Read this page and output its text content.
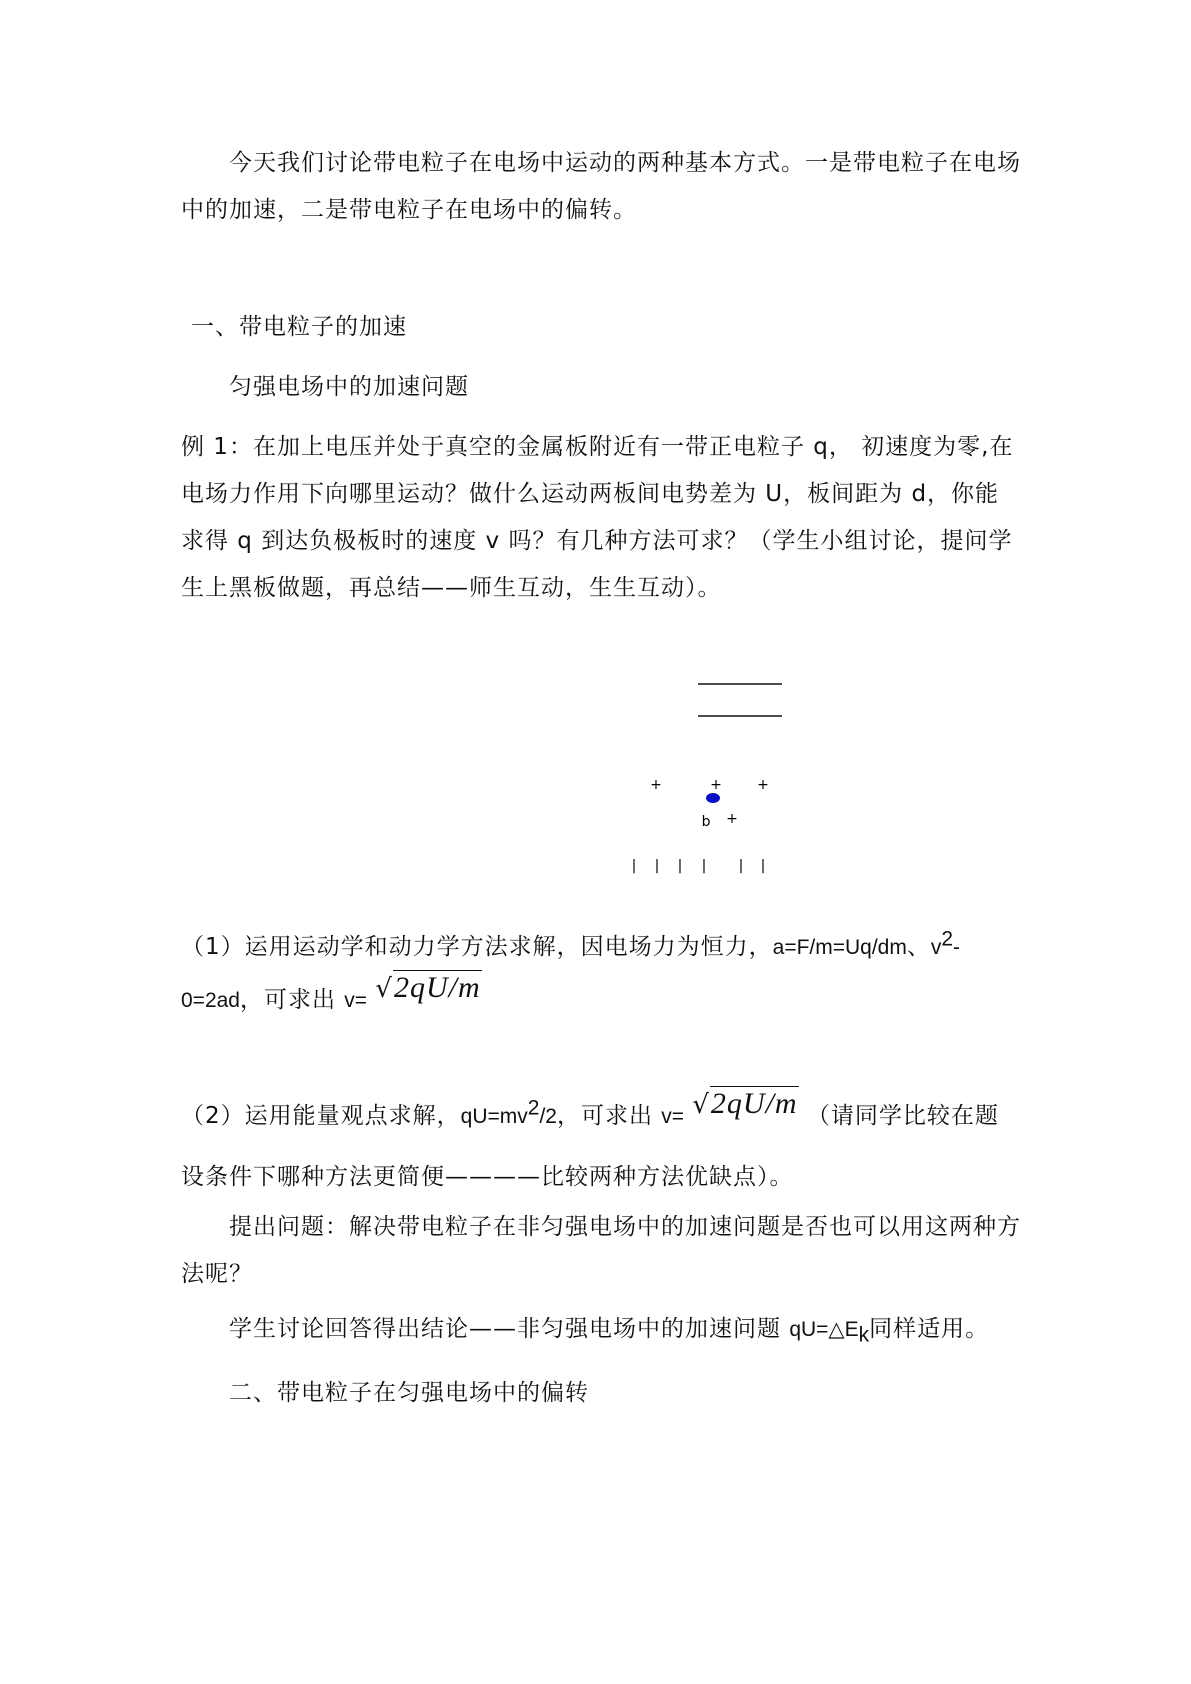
今天我们讨论带电粒子在电场中运动的两种基本方式。一是带电粒子在电场中的加速，二是带电粒子在电场中的偏转。

一、带电粒子的加速

匀强电场中的加速问题

例 1：在加上电压并处于真空的金属板附近有一带正电粒子 q， 初速度为零,在电场力作用下向哪里运动？做什么运动两板间电势差为 U，板间距为 d，你能求得 q 到达负极板时的速度 v 吗？有几种方法可求？（学生小组讨论，提问学生上黑板做题，再总结——师生互动，生生互动）。

+	+	+
+
q
| | | | | |

（1）运用运动学和动力学方法求解，因电场力为恒力，a=F/m=Uq/dm、$v^2-0=2ad$，可求出 v= √2qU/m

（2）运用能量观点求解，$qU=mv^2/2$，可求出 v= √2qU/m （请同学比较在题设条件下哪种方法更简便————比较两种方法优缺点）。

提出问题：解决带电粒子在非匀强电场中的加速问题是否也可以用这两种方法呢？

学生讨论回答得出结论——非匀强电场中的加速问题 $qU=\triangle E_k$同样适用。

二、带电粒子在匀强电场中的偏转
